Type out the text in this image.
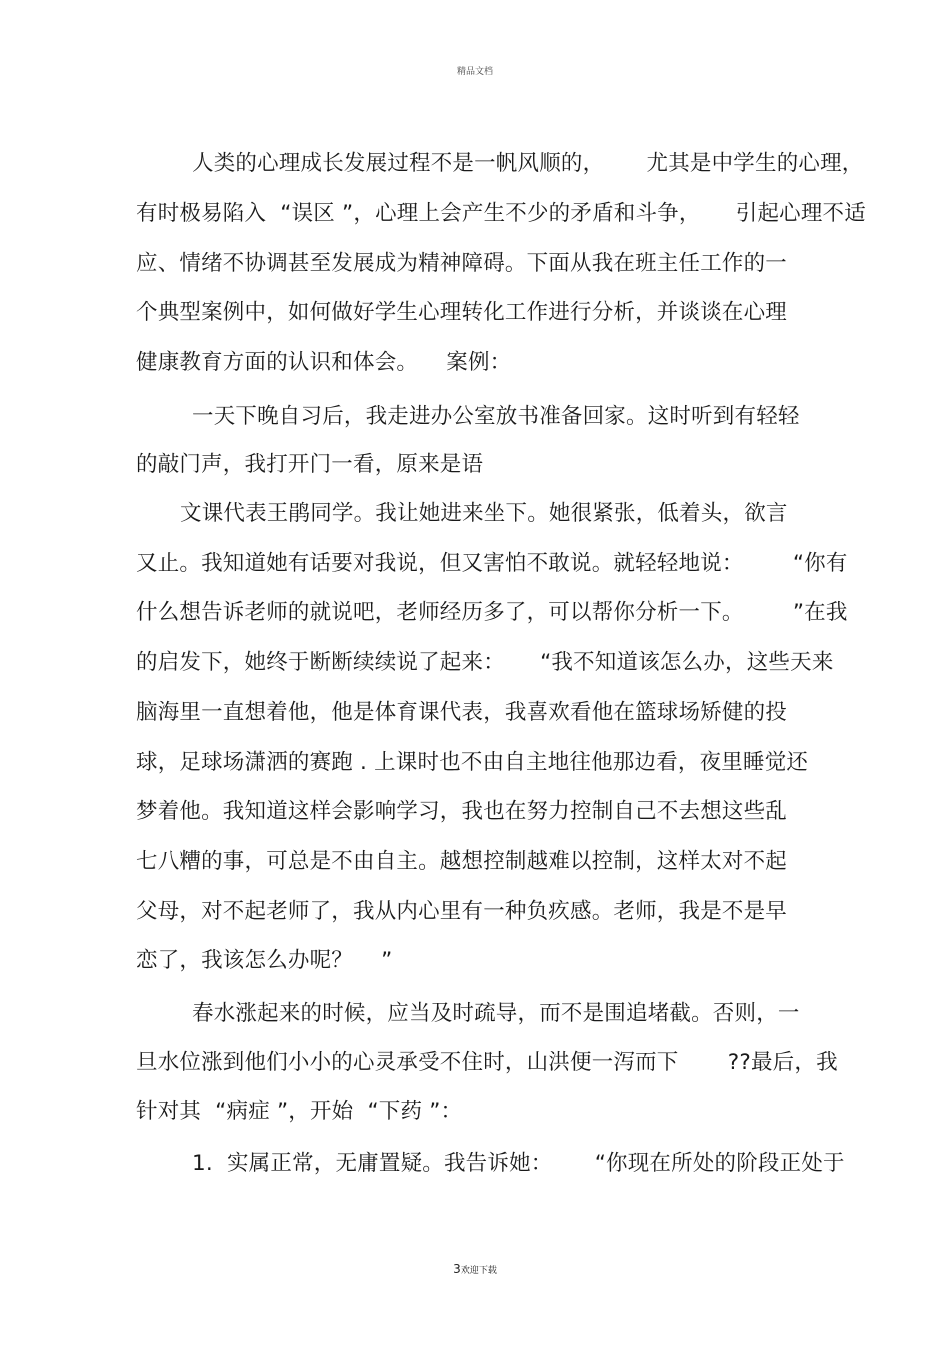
精品文档
人类的心理成长发展过程不是一帆风顺的，      尤其是中学生的心理，
有时极易陷入  “误区 ”，心理上会产生不少的矛盾和斗争，     引起心理不适
应、情绪不协调甚至发展成为精神障碍。下面从我在班主任工作的一
个典型案例中，如何做好学生心理转化工作进行分析，并谈谈在心理
健康教育方面的认识和体会。    案例：
一天下晚自习后，我走进办公室放书准备回家。这时听到有轻轻
的敲门声，我打开门一看，原来是语
文课代表王鹃同学。我让她进来坐下。她很紧张，低着头，欲言
又止。我知道她有话要对我说，但又害怕不敢说。就轻轻地说：       “你有
什么想告诉老师的就说吧，老师经历多了，可以帮你分析一下。       ”在我
的启发下，她终于断断续续说了起来：     “我不知道该怎么办，这些天来
脑海里一直想着他，他是体育课代表，我喜欢看他在篮球场矫健的投
球，足球场潇洒的赛跑 . 上课时也不由自主地往他那边看，夜里睡觉还
梦着他。我知道这样会影响学习，我也在努力控制自己不去想这些乱
七八糟的事，可总是不由自主。越想控制越难以控制，这样太对不起
父母，对不起老师了，我从内心里有一种负疚感。老师，我是不是早
恋了，我该怎么办呢？    ”
春水涨起来的时候，应当及时疏导，而不是围追堵截。否则，一
旦水位涨到他们小小的心灵承受不住时，山洪便一泻而下       ??最后，我
针对其  “病症 ”，开始  “下药 ”：
1.  实属正常，无庸置疑。我告诉她：      “你现在所处的阶段正处于
3欢迎下载
